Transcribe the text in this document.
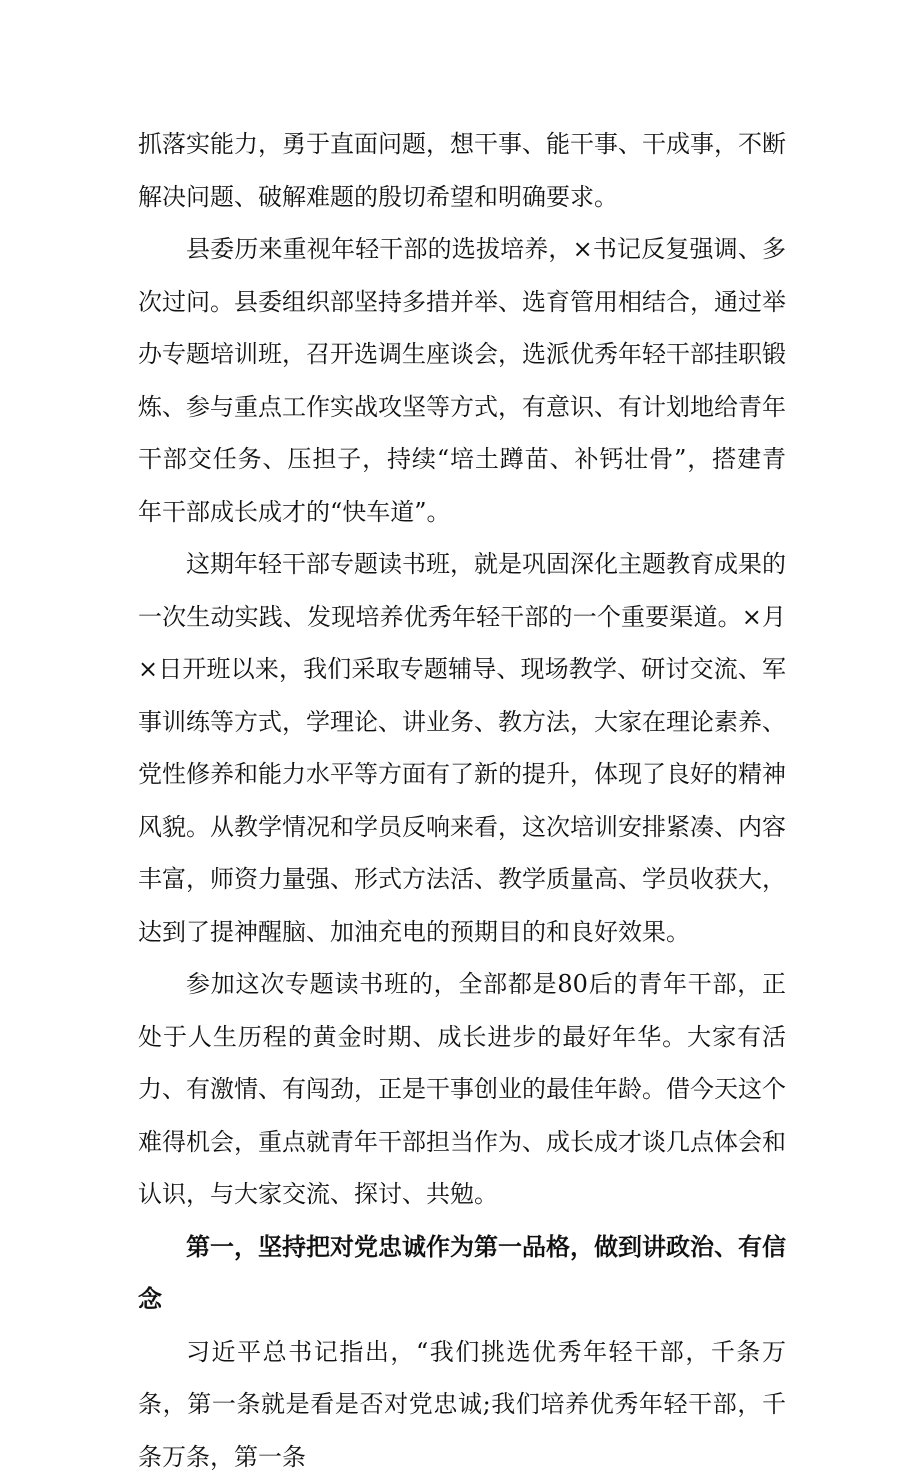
抓落实能力，勇于直面问题，想干事、能干事、干成事，不断解决问题、破解难题的殷切希望和明确要求。

县委历来重视年轻干部的选拔培养，×书记反复强调、多次过问。县委组织部坚持多措并举、选育管用相结合，通过举办专题培训班，召开选调生座谈会，选派优秀年轻干部挂职锻炼、参与重点工作实战攻坚等方式，有意识、有计划地给青年干部交任务、压担子，持续“培土蹲苗、补钙壮骨”，搭建青年干部成长成才的“快车道”。

这期年轻干部专题读书班，就是巩固深化主题教育成果的一次生动实践、发现培养优秀年轻干部的一个重要渠道。×月×日开班以来，我们采取专题辅导、现场教学、研讨交流、军事训练等方式，学理论、讲业务、教方法，大家在理论素养、党性修养和能力水平等方面有了新的提升，体现了良好的精神风貌。从教学情况和学员反响来看，这次培训安排紧凑、内容丰富，师资力量强、形式方法活、教学质量高、学员收获大，达到了提神醒脑、加油充电的预期目的和良好效果。

参加这次专题读书班的，全部都是80后的青年干部，正处于人生历程的黄金时期、成长进步的最好年华。大家有活力、有激情、有闯劲，正是干事创业的最佳年龄。借今天这个难得机会，重点就青年干部担当作为、成长成才谈几点体会和认识，与大家交流、探讨、共勉。

第一，坚持把对党忠诚作为第一品格，做到讲政治、有信念

习近平总书记指出，“我们挑选优秀年轻干部，千条万条，第一条就是看是否对党忠诚;我们培养优秀年轻干部，千条万条，第一条
